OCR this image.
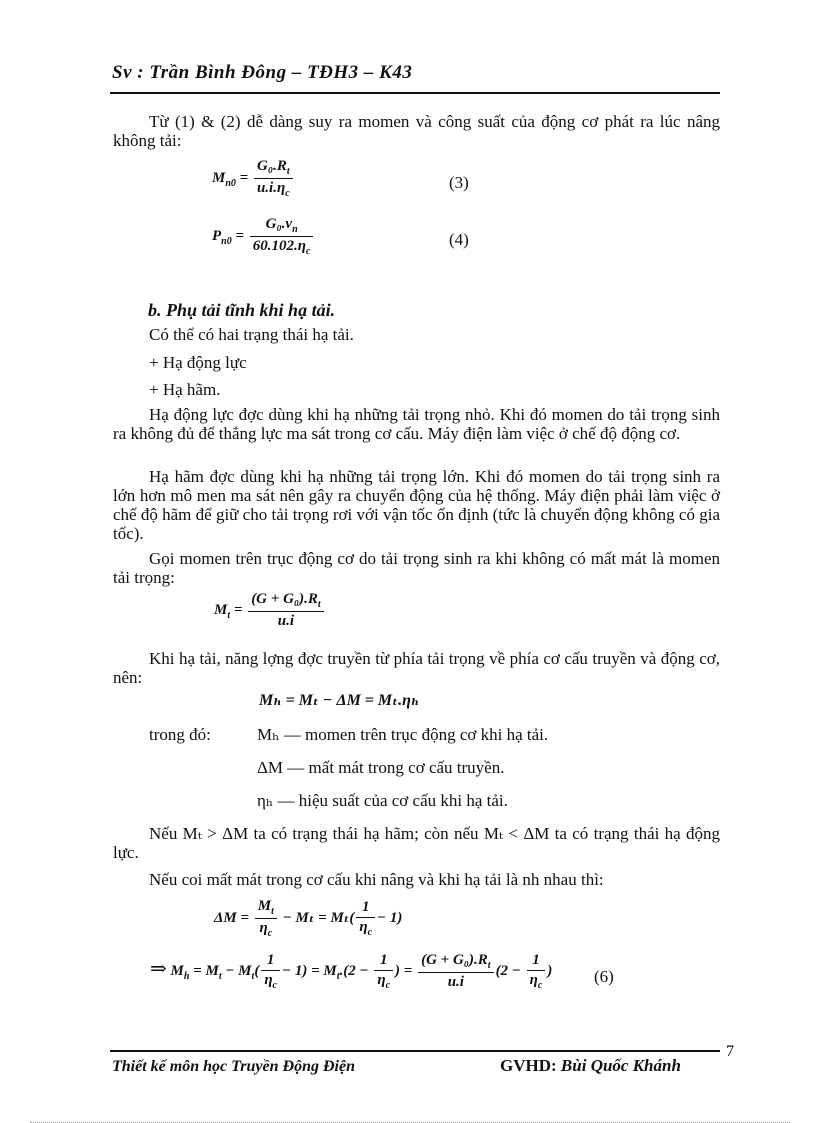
Sv : Trần Bình Đông – TĐH3 – K43
Từ (1) & (2) dễ dàng suy ra momen và công suất của động cơ phát ra lúc nâng không tải:
$M_{n0} = \frac{G_0.R_t}{u.i.\eta_c}$	(3)
$P_{n0} = \frac{G_0.v_n}{60.102.\eta_c}$	(4)
b. Phụ tải tĩnh khi hạ tải.
Có thể có hai trạng thái hạ tải.
+ Hạ động lực
+ Hạ hãm.
Hạ động lực đợc dùng khi hạ những tải trọng nhỏ. Khi đó momen do tải trọng sinh ra không đủ để thắng lực ma sát trong cơ cấu. Máy điện làm việc ở chế độ động cơ.
Hạ hãm đợc dùng khi hạ những tải trọng lớn. Khi đó momen do tải trọng sinh ra lớn hơn mô men ma sát nên gây ra chuyển động của hệ thống. Máy điện phải làm việc ở chế độ hãm để giữ cho tải trọng rơi với vận tốc ổn định (tức là chuyển động không có gia tốc).
Gọi momen trên trục động cơ do tải trọng sinh ra khi không có mất mát là momen tải trọng:
$M_t = \frac{(G + G_0).R_t}{u.i}$
Khi hạ tải, năng lợng đợc truyền từ phía tải trọng về phía cơ cấu truyền và động cơ, nên:
Mₕ = Mₜ − ΔM = Mₜ.ηₕ
trong đó:	Mₕ — momen trên trục động cơ khi hạ tải.
ΔM — mất mát trong cơ cấu truyền.
ηₕ — hiệu suất của cơ cấu khi hạ tải.
Nếu Mₜ > ΔM ta có trạng thái hạ hãm; còn nếu Mₜ < ΔM ta có trạng thái hạ động lực.
Nếu coi mất mát trong cơ cấu khi nâng và khi hạ tải là nh nhau thì:
$\Delta M = \frac{M_t}{\eta_c} - M_t = M_t( \frac{1}{\eta_c} - 1)$
⇒ $M_h = M_t - M_t( \frac{1}{\eta_c} - 1) = M_t.(2 - \frac{1}{\eta_c}$ ) = $\frac{(G + G_0).R_t}{u.i} (2 - \frac{1}{\eta_c}$ ) (6)
7
Thiết kế môn học Truyền Động Điện	GVHD: Bùi Quốc Khánh
